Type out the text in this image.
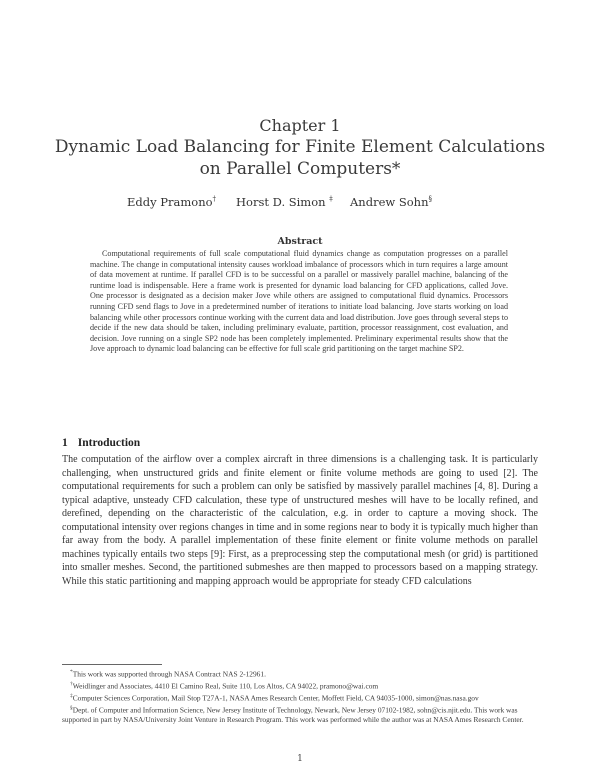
Chapter 1
Dynamic Load Balancing for Finite Element Calculations
on Parallel Computers*
Eddy Pramono† Horst D. Simon ‡ Andrew Sohn§
Abstract
Computational requirements of full scale computational fluid dynamics change as computation progresses on a parallel machine. The change in computational intensity causes workload imbalance of processors which in turn requires a large amount of data movement at runtime. If parallel CFD is to be successful on a parallel or massively parallel machine, balancing of the runtime load is indispensable. Here a frame work is presented for dynamic load balancing for CFD applications, called Jove. One processor is designated as a decision maker Jove while others are assigned to computational fluid dynamics. Processors running CFD send flags to Jove in a predetermined number of iterations to initiate load balancing. Jove starts working on load balancing while other processors continue working with the current data and load distribution. Jove goes through several steps to decide if the new data should be taken, including preliminary evaluate, partition, processor reassignment, cost evaluation, and decision. Jove running on a single SP2 node has been completely implemented. Preliminary experimental results show that the Jove approach to dynamic load balancing can be effective for full scale grid partitioning on the target machine SP2.
1 Introduction
The computation of the airflow over a complex aircraft in three dimensions is a challenging task. It is particularly challenging, when unstructured grids and finite element or finite volume methods are going to used [2]. The computational requirements for such a problem can only be satisfied by massively parallel machines [4, 8]. During a typical adaptive, unsteady CFD calculation, these type of unstructured meshes will have to be locally refined, and derefined, depending on the characteristic of the calculation, e.g. in order to capture a moving shock. The computational intensity over regions changes in time and in some regions near to body it is typically much higher than far away from the body. A parallel implementation of these finite element or finite volume methods on parallel machines typically entails two steps [9]: First, as a preprocessing step the computational mesh (or grid) is partitioned into smaller meshes. Second, the partitioned submeshes are then mapped to processors based on a mapping strategy. While this static partitioning and mapping approach would be appropriate for steady CFD calculations

*This work was supported through NASA Contract NAS 2-12961.

†Weidlinger and Associates, 4410 El Camino Real, Suite 110, Los Altos, CA 94022, pramono@wai.com

‡Computer Sciences Corporation, Mail Stop T27A-1, NASA Ames Research Center, Moffett Field, CA 94035-1000, simon@nas.nasa.gov

§Dept. of Computer and Information Science, New Jersey Institute of Technology, Newark, New Jersey 07102-1982, sohn@cis.njit.edu. This work was supported in part by NASA/University Joint Venture in Research Program. This work was performed while the author was at NASA Ames Research Center.

1
